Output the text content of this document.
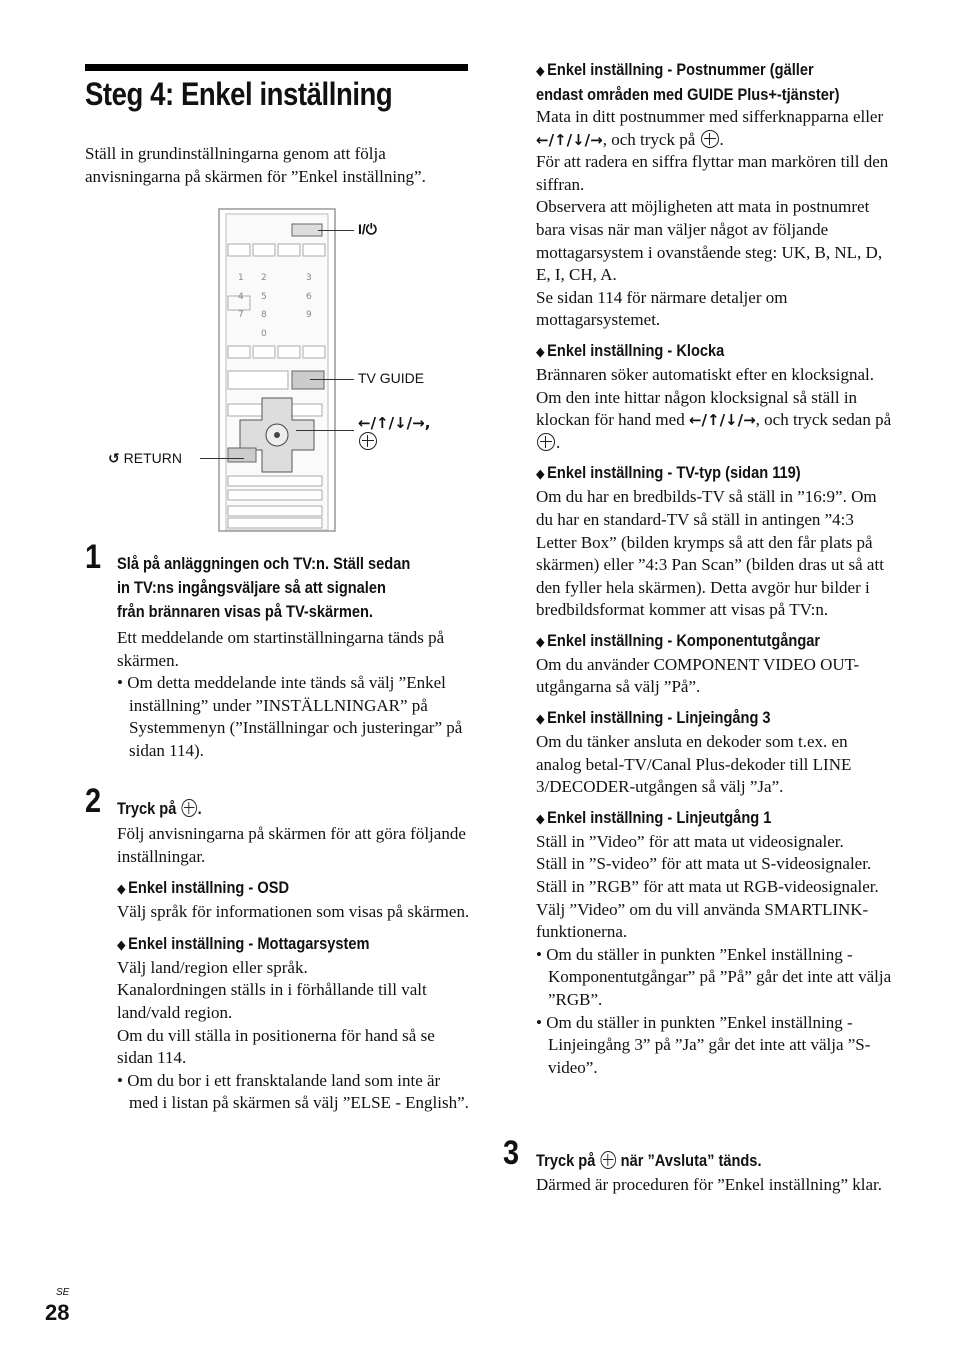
Steg 4: Enkel inställning
Ställ in grundinställningarna genom att följa anvisningarna på skärmen för ”Enkel inställning”.
1 2	3
4 5	6
7 8	9
0
I/⏻
TV GUIDE
←/↑/↓/→,

↺ RETURN
1 Slå på anläggningen och TV:n. Ställ sedan
in TV:ns ingångsväljare så att signalen
från brännaren visas på TV-skärmen.
Ett meddelande om startinställningarna tänds på skärmen.
• Om detta meddelande inte tänds så välj ”Enkel inställning” under ”INSTÄLLNINGAR” på Systemmenyn (”Inställningar och justeringar” på sidan 114).
2 Tryck på .
Följ anvisningarna på skärmen för att göra följande inställningar.
◆ Enkel inställning - OSD
Välj språk för informationen som visas på skärmen.
◆ Enkel inställning - Mottagarsystem
Välj land/region eller språk.
Kanalordningen ställs in i förhållande till valt land/vald region.
Om du vill ställa in positionerna för hand så se sidan 114.
• Om du bor i ett fransktalande land som inte är med i listan på skärmen så välj ”ELSE - English”.
◆ Enkel inställning - Postnummer (gäller
endast områden med GUIDE Plus+-tjänster)
Mata in ditt postnummer med sifferknapparna eller ←/↑/↓/→, och tryck på .
För att radera en siffra flyttar man markören till den siffran.
Observera att möjligheten att mata in postnumret bara visas när man väljer något av följande mottagarsystem i ovanstående steg: UK, B, NL, D, E, I, CH, A.
Se sidan 114 för närmare detaljer om mottagarsystemet.
◆ Enkel inställning - Klocka
Brännaren söker automatiskt efter en klocksignal. Om den inte hittar någon klocksignal så ställ in klockan för hand med ←/↑/↓/→, och tryck sedan på .
◆ Enkel inställning - TV-typ (sidan 119)
Om du har en bredbilds-TV så ställ in ”16:9”. Om du har en standard-TV så ställ in antingen ”4:3 Letter Box” (bilden krymps så att den får plats på skärmen) eller ”4:3 Pan Scan” (bilden dras ut så att den fyller hela skärmen). Detta avgör hur bilder i bredbildsformat kommer att visas på TV:n.
◆ Enkel inställning - Komponentutgångar
Om du använder COMPONENT VIDEO OUT-utgångarna så välj ”På”.
◆ Enkel inställning - Linjeingång 3
Om du tänker ansluta en dekoder som t.ex. en analog betal-TV/Canal Plus-dekoder till LINE 3/DECODER-utgången så välj ”Ja”.
◆ Enkel inställning - Linjeutgång 1
Ställ in ”Video” för att mata ut videosignaler.
Ställ in ”S-video” för att mata ut S-videosignaler.
Ställ in ”RGB” för att mata ut RGB-videosignaler.
Välj ”Video” om du vill använda SMARTLINK-funktionerna.
• Om du ställer in punkten ”Enkel inställning - Komponentutgångar” på ”På” går det inte att välja ”RGB”.
• Om du ställer in punkten ”Enkel inställning - Linjeingång 3” på ”Ja” går det inte att välja ”S-video”.
3 Tryck på när ”Avsluta” tänds.
Därmed är proceduren för ”Enkel inställning” klar.
SE
28
